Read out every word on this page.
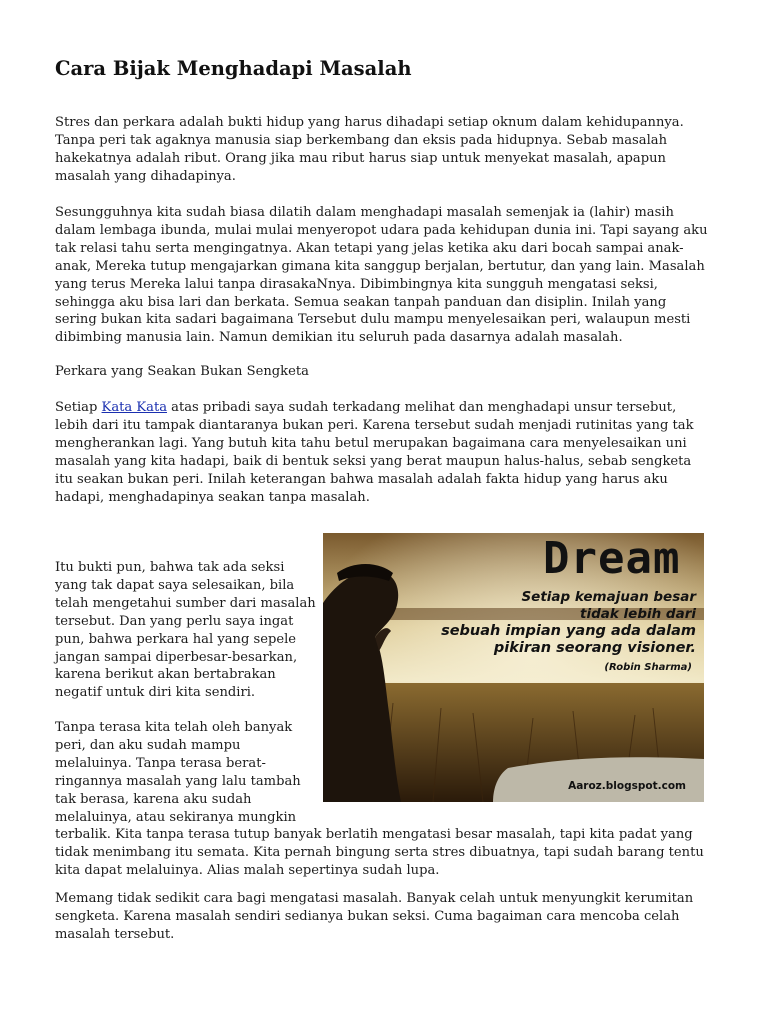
Cara Bijak Menghadapi Masalah

Stres dan perkara adalah bukti hidup yang harus dihadapi setiap oknum dalam kehidupannya. Tanpa peri tak agaknya manusia siap berkembang dan eksis pada hidupnya. Sebab masalah hakekatnya adalah ribut. Orang jika mau ribut harus siap untuk menyekat masalah, apapun masalah yang dihadapinya.

Sesungguhnya kita sudah biasa dilatih dalam menghadapi masalah semenjak ia (lahir) masih dalam lembaga ibunda, mulai mulai menyeropot udara pada kehidupan dunia ini. Tapi sayang aku tak relasi tahu serta mengingatnya. Akan tetapi yang jelas ketika aku dari bocah sampai anak-anak, Mereka tutup mengajarkan gimana kita sanggup berjalan, bertutur, dan yang lain. Masalah yang terus Mereka lalui tanpa dirasakaNnya. Dibimbingnya kita sungguh mengatasi seksi, sehingga aku bisa lari dan berkata. Semua seakan tanpah panduan dan disiplin. Inilah yang sering bukan kita sadari bagaimana Tersebut dulu mampu menyelesaikan peri, walaupun mesti dibimbing manusia lain. Namun demikian itu seluruh pada dasarnya adalah masalah.

Perkara yang Seakan Bukan Sengketa

Setiap Kata Kata atas pribadi saya sudah terkadang melihat dan menghadapi unsur tersebut, lebih dari itu tampak diantaranya bukan peri. Karena tersebut sudah menjadi rutinitas yang tak mengherankan lagi. Yang butuh kita tahu betul merupakan bagaimana cara menyelesaikan uni masalah yang kita hadapi, baik di bentuk seksi yang berat maupun halus-halus, sebab sengketa itu seakan bukan peri. Inilah keterangan bahwa masalah adalah fakta hidup yang harus aku hadapi, menghadapinya seakan tanpa masalah.

Itu bukti pun, bahwa tak ada seksi yang tak dapat saya selesaikan, bila telah mengetahui sumber dari masalah tersebut. Dan yang perlu saya ingat pun, bahwa perkara hal yang sepele jangan sampai diperbesar-besarkan, karena berikut akan bertabrakan negatif untuk diri kita sendiri.

Tanpa terasa kita telah oleh banyak peri, dan aku sudah mampu melaluinya. Tanpa terasa berat-ringannya masalah yang lalu tambah tak berasa, karena aku sudah melaluinya, atau sekiranya mungkin

terbalik. Kita tanpa terasa tutup banyak berlatih mengatasi besar masalah, tapi kita padat yang tidak menimbang itu semata. Kita pernah bingung serta stres dibuatnya, tapi sudah barang tentu kita dapat melaluinya. Alias malah sepertinya sudah lupa.

Memang tidak sedikit cara bagi mengatasi masalah. Banyak celah untuk menyungkit kerumitan sengketa. Karena masalah sendiri sedianya bukan seksi. Cuma bagaiman cara mencoba celah masalah tersebut.

Dream
Setiap kemajuan besar
tidak lebih dari
sebuah impian yang ada dalam
pikiran seorang visioner.
(Robin Sharma)
Aaroz.blogspot.com
